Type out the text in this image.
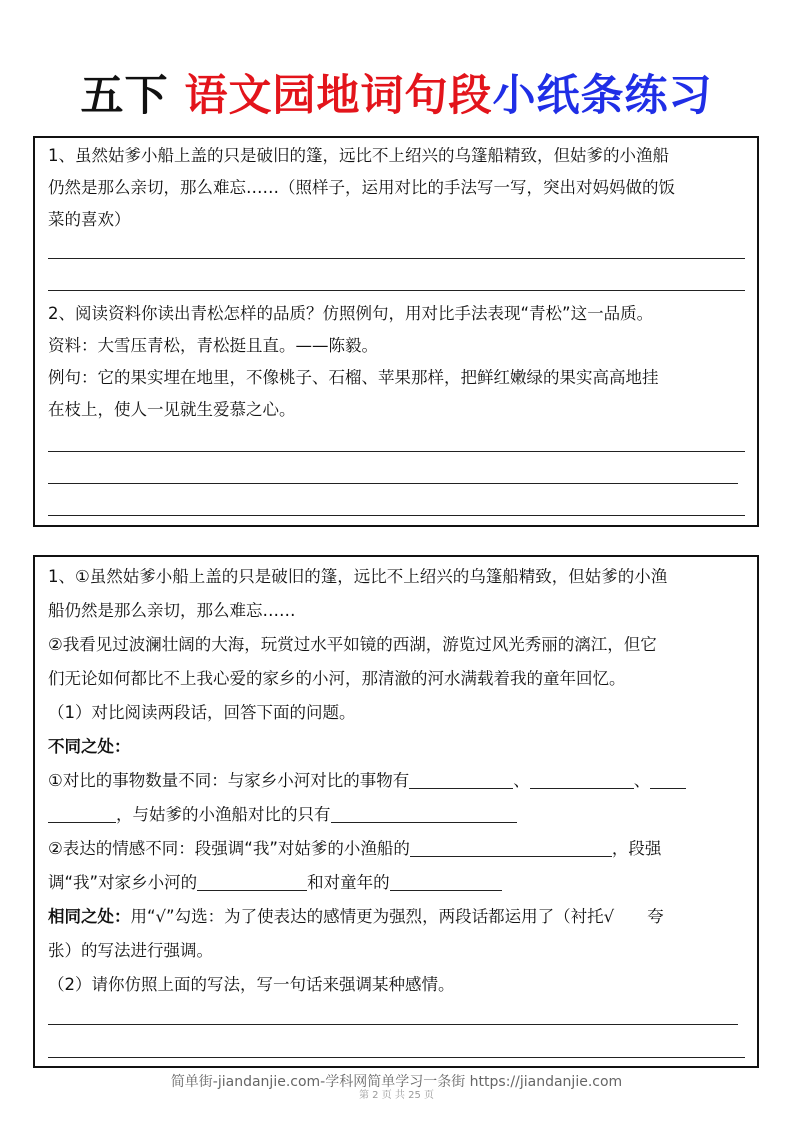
五下 语文园地词句段小纸条练习
1、虽然姑爹小船上盖的只是破旧的篷，远比不上绍兴的乌篷船精致，但姑爹的小渔船
仍然是那么亲切，那么难忘……（照样子，运用对比的手法写一写，突出对妈妈做的饭
菜的喜欢）
2、阅读资料你读出青松怎样的品质？仿照例句，用对比手法表现“青松”这一品质。
资料：大雪压青松，青松挺且直。——陈毅。
例句：它的果实埋在地里，不像桃子、石榴、苹果那样，把鲜红嫩绿的果实高高地挂
在枝上，使人一见就生爱慕之心。
1、①虽然姑爹小船上盖的只是破旧的篷，远比不上绍兴的乌篷船精致，但姑爹的小渔
船仍然是那么亲切，那么难忘……
②我看见过波澜壮阔的大海，玩赏过水平如镜的西湖，游览过风光秀丽的漓江，但它
们无论如何都比不上我心爱的家乡的小河，那清澈的河水满载着我的童年回忆。
（1）对比阅读两段话，回答下面的问题。
不同之处：
①对比的事物数量不同：与家乡小河对比的事物有	、	、
，与姑爹的小渔船对比的只有
②表达的情感不同：段强调“我”对姑爹的小渔船的	，段强
调“我”对家乡小河的	和对童年的
相同之处：用“√”勾选：为了使表达的感情更为强烈，两段话都运用了（衬托√　　夸
张）的写法进行强调。
（2）请你仿照上面的写法，写一句话来强调某种感情。
简单街-jiandanjie.com-学科网简单学习一条街 https://jiandanjie.com
第 2 页 共 25 页
